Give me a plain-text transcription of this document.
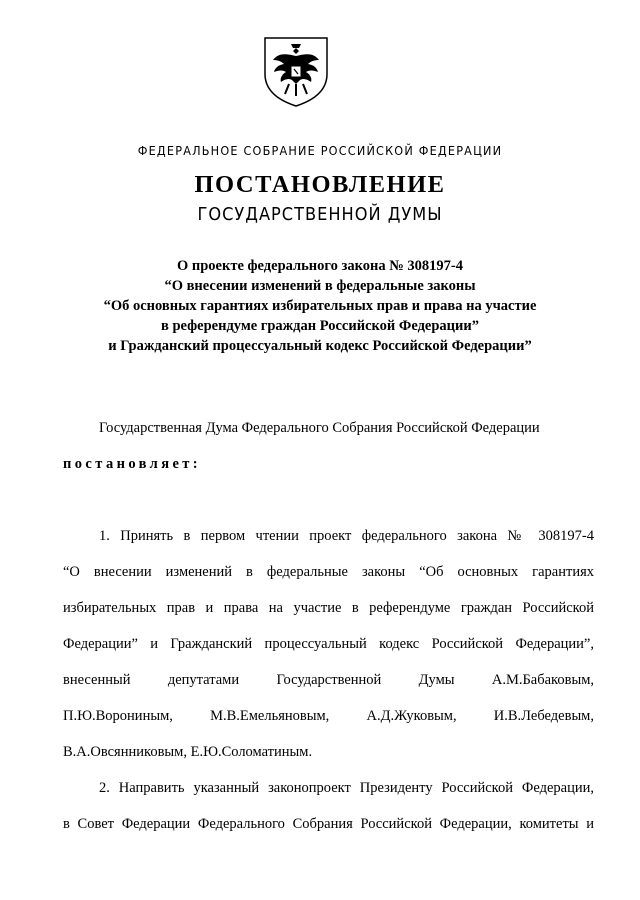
ФЕДЕРАЛЬНОЕ СОБРАНИЕ РОССИЙСКОЙ ФЕДЕРАЦИИ
ПОСТАНОВЛЕНИЕ
ГОСУДАРСТВЕННОЙ ДУМЫ
О проекте федерального закона № 308197-4
“О внесении изменений в федеральные законы
“Об основных гарантиях избирательных прав и права на участие
в референдуме граждан Российской Федерации”
и Гражданский процессуальный кодекс Российской Федерации”
Государственная Дума Федерального Собрания Российской Федерации
постановляет:
1. Принять в первом чтении проект федерального закона № 308197-4
“О внесении изменений в федеральные законы “Об основных гарантиях
избирательных прав и права на участие в референдуме граждан Российской
Федерации” и Гражданский процессуальный кодекс Российской Федерации”,
внесенный депутатами Государственной Думы А.М.Бабаковым,
П.Ю.Ворониным, М.В.Емельяновым, А.Д.Жуковым, И.В.Лебедевым,
В.А.Овсянниковым, Е.Ю.Соломатиным.
2. Направить указанный законопроект Президенту Российской Федерации,
в Совет Федерации Федерального Собрания Российской Федерации, комитеты и
